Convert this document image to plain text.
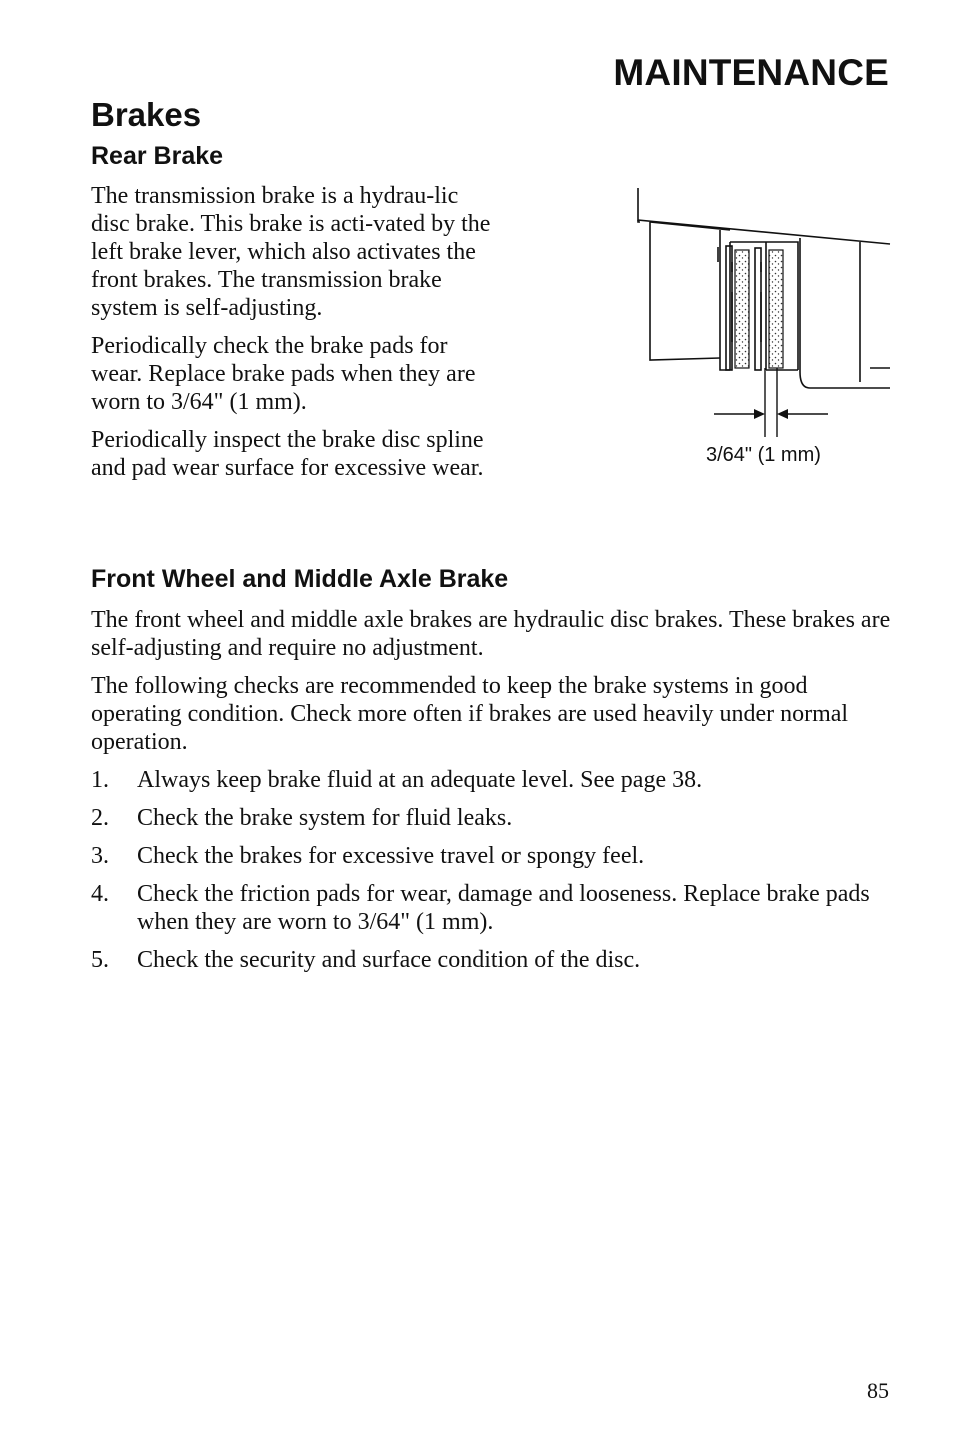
MAINTENANCE
Brakes
Rear Brake

The transmission brake is a hydrau-lic disc brake. This brake is acti-vated by the left brake lever, which also activates the front brakes. The transmission brake system is self-adjusting.

Periodically check the brake pads for wear. Replace brake pads when they are worn to 3/64" (1 mm).

Periodically inspect the brake disc spline and pad wear surface for excessive wear.	3/64" (1 mm)
Front Wheel and Middle Axle Brake

The front wheel and middle axle brakes are hydraulic disc brakes. These brakes are self-adjusting and require no adjustment.

The following checks are recommended to keep the brake systems in good operating condition. Check more often if brakes are used heavily under normal operation.

1. Always keep brake fluid at an adequate level. See page 38.
2. Check the brake system for fluid leaks.
3. Check the brakes for excessive travel or spongy feel.
4. Check the friction pads for wear, damage and looseness. Replace brake pads when they are worn to 3/64" (1 mm).
5. Check the security and surface condition of the disc.
85
